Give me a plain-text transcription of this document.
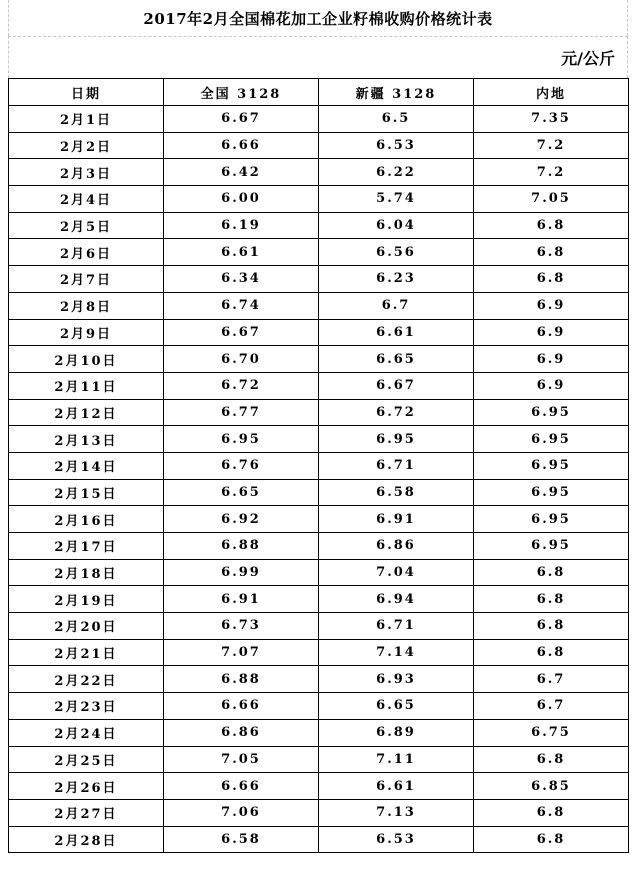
2017年2月全国棉花加工企业籽棉收购价格统计表
元/公斤
日期	全国 3128	新疆 3128	内地
2月1日	6.67	6.5	7.35
2月2日	6.66	6.53	7.2
2月3日	6.42	6.22	7.2
2月4日	6.00	5.74	7.05
2月5日	6.19	6.04	6.8
2月6日	6.61	6.56	6.8
2月7日	6.34	6.23	6.8
2月8日	6.74	6.7	6.9
2月9日	6.67	6.61	6.9
2月10日	6.70	6.65	6.9
2月11日	6.72	6.67	6.9
2月12日	6.77	6.72	6.95
2月13日	6.95	6.95	6.95
2月14日	6.76	6.71	6.95
2月15日	6.65	6.58	6.95
2月16日	6.92	6.91	6.95
2月17日	6.88	6.86	6.95
2月18日	6.99	7.04	6.8
2月19日	6.91	6.94	6.8
2月20日	6.73	6.71	6.8
2月21日	7.07	7.14	6.8
2月22日	6.88	6.93	6.7
2月23日	6.66	6.65	6.7
2月24日	6.86	6.89	6.75
2月25日	7.05	7.11	6.8
2月26日	6.66	6.61	6.85
2月27日	7.06	7.13	6.8
2月28日	6.58	6.53	6.8
